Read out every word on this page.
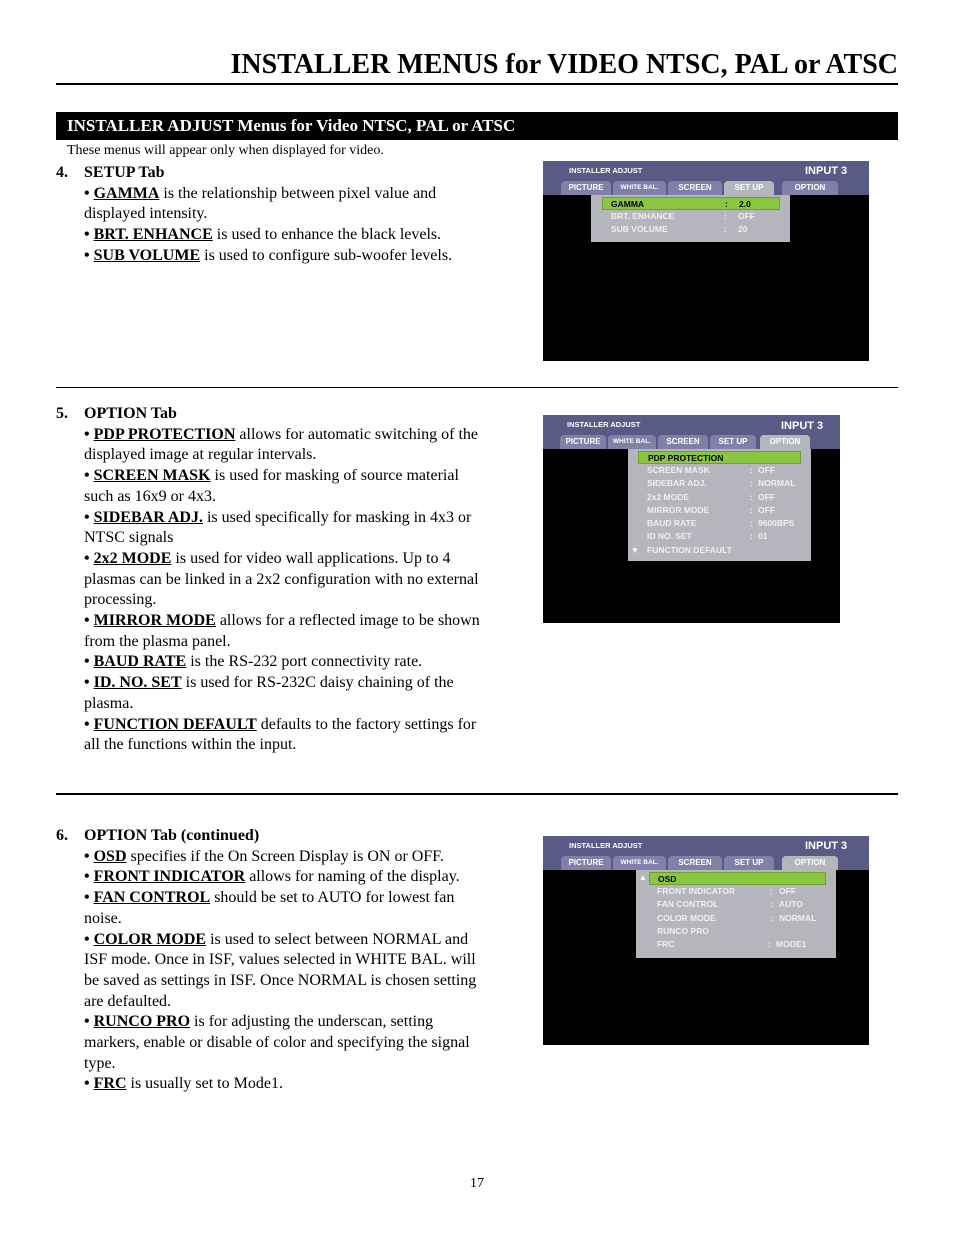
INSTALLER MENUS for VIDEO NTSC, PAL or ATSC
INSTALLER ADJUST Menus for Video NTSC, PAL or ATSC
These menus will appear only when displayed for video.
4.	SETUP Tab

• GAMMA is the relationship between pixel value and displayed intensity.

• BRT. ENHANCE is used to enhance the black levels.

• SUB VOLUME is used to configure sub-woofer levels.

INSTALLER ADJUST	INPUT 3
PICTURE	WHITE BAL.	SCREEN	SET UP	OPTION
GAMMA	: 2.0
BRT. ENHANCE	: OFF
SUB VOLUME	: 20
5.	OPTION Tab

• PDP PROTECTION allows for automatic switching of the displayed image at regular intervals.

• SCREEN MASK is used for masking of source material such as 16x9 or 4x3.

• SIDEBAR ADJ. is used specifically for masking in 4x3 or NTSC signals

• 2x2 MODE is used for video wall applications. Up to 4 plasmas can be linked in a 2x2 configuration with no external processing.

• MIRROR MODE allows for a reflected image to be shown from the plasma panel.

• BAUD RATE is the RS-232 port connectivity rate.

• ID. NO. SET is used for RS-232C daisy chaining of the plasma.

• FUNCTION DEFAULT defaults to the factory settings for all the functions within the input.

INSTALLER ADJUST	INPUT 3
PICTURE	WHITE BAL.	SCREEN	SET UP	OPTION
PDP PROTECTION
SCREEN MASK	: OFF
SIDEBAR ADJ.	: NORMAL
2x2 MODE	: OFF
MIRROR MODE	: OFF
BAUD RATE	: 9600BPS
ID NO. SET	: 01
▼ FUNCTION DEFAULT
6.	OPTION Tab (continued)

• OSD specifies if the On Screen Display is ON or OFF.

• FRONT INDICATOR allows for naming of the display.

• FAN CONTROL should be set to AUTO for lowest fan              noise.

• COLOR MODE is used to select between NORMAL and ISF mode. Once in ISF, values selected in WHITE BAL. will be saved as settings in ISF. Once NORMAL is chosen setting are defaulted.

• RUNCO PRO is for adjusting the underscan, setting markers, enable or disable of color and specifying the signal type.

• FRC is usually set to Mode1.

INSTALLER ADJUST	INPUT 3
PICTURE	WHITE BAL.	SCREEN	SET UP	OPTION
▲ OSD
FRONT INDICATOR	: OFF
FAN CONTROL	: AUTO
COLOR MODE	: NORMAL
RUNCO PRO
FRC	: MODE1
17
